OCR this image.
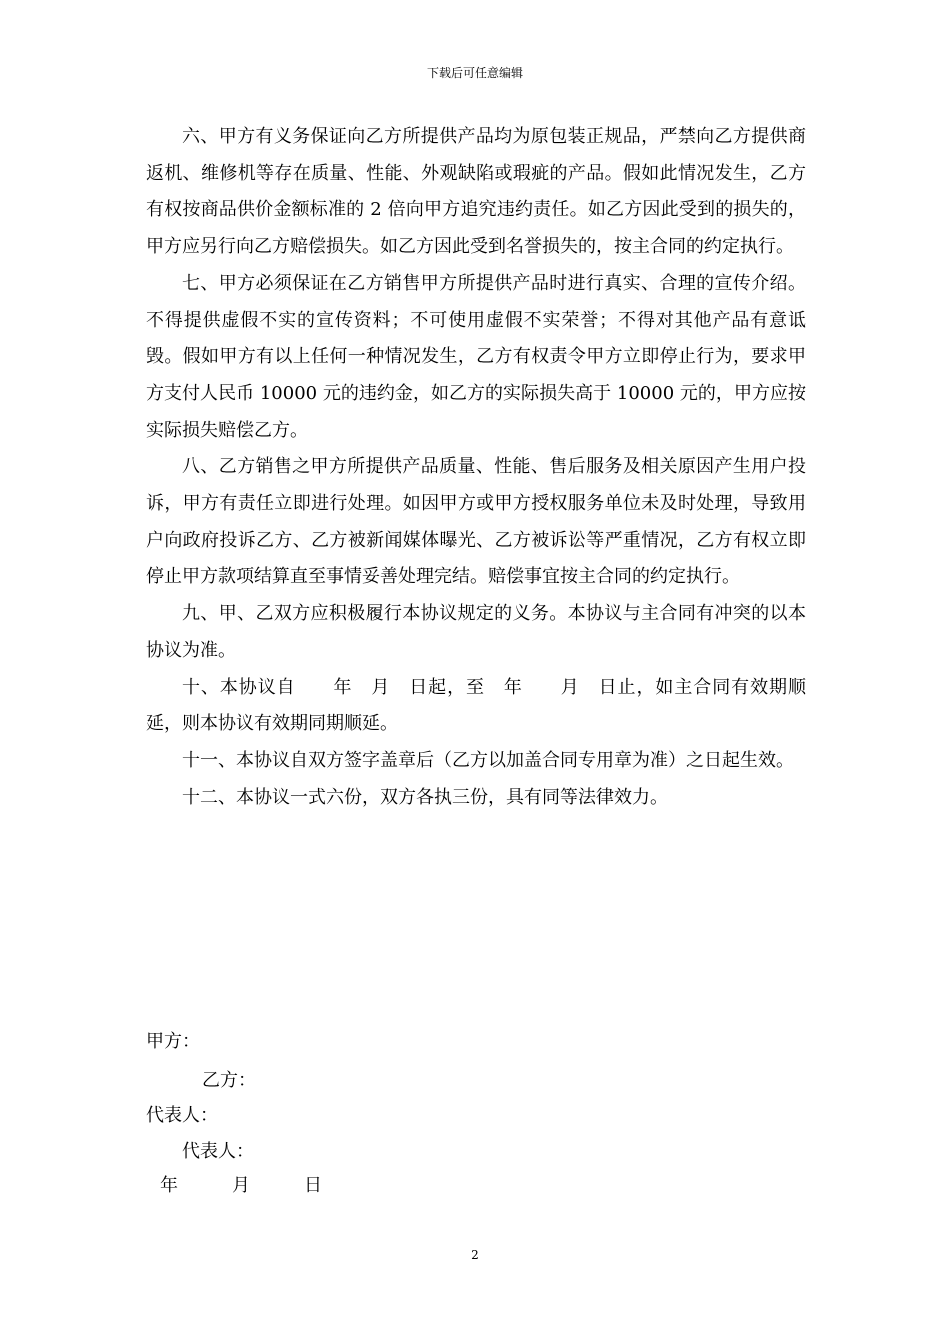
下载后可任意编辑

六、甲方有义务保证向乙方所提供产品均为原包装正规品，严禁向乙方提供商返机、维修机等存在质量、性能、外观缺陷或瑕疵的产品。假如此情况发生，乙方有权按商品供价金额标准的 2 倍向甲方追究违约责任。如乙方因此受到的损失的，甲方应另行向乙方赔偿损失。如乙方因此受到名誉损失的，按主合同的约定执行。

七、甲方必须保证在乙方销售甲方所提供产品时进行真实、合理的宣传介绍。不得提供虚假不实的宣传资料；不可使用虚假不实荣誉；不得对其他产品有意诋毁。假如甲方有以上任何一种情况发生，乙方有权责令甲方立即停止行为，要求甲方支付人民币 10000 元的违约金，如乙方的实际损失高于 10000 元的，甲方应按实际损失赔偿乙方。

八、乙方销售之甲方所提供产品质量、性能、售后服务及相关原因产生用户投诉，甲方有责任立即进行处理。如因甲方或甲方授权服务单位未及时处理，导致用户向政府投诉乙方、乙方被新闻媒体曝光、乙方被诉讼等严重情况，乙方有权立即停止甲方款项结算直至事情妥善处理完结。赔偿事宜按主合同的约定执行。

九、甲、乙双方应积极履行本协议规定的义务。本协议与主合同有冲突的以本协议为准。

十、本协议自　　年　月　日起，至　年　　月　日止，如主合同有效期顺延，则本协议有效期同期顺延。

十一、本协议自双方签字盖章后（乙方以加盖合同专用章为准）之日起生效。

十二、本协议一式六份，双方各执三份，具有同等法律效力。

甲方：
乙方：
代表人：
代表人：
年　　　月　　　日
2
